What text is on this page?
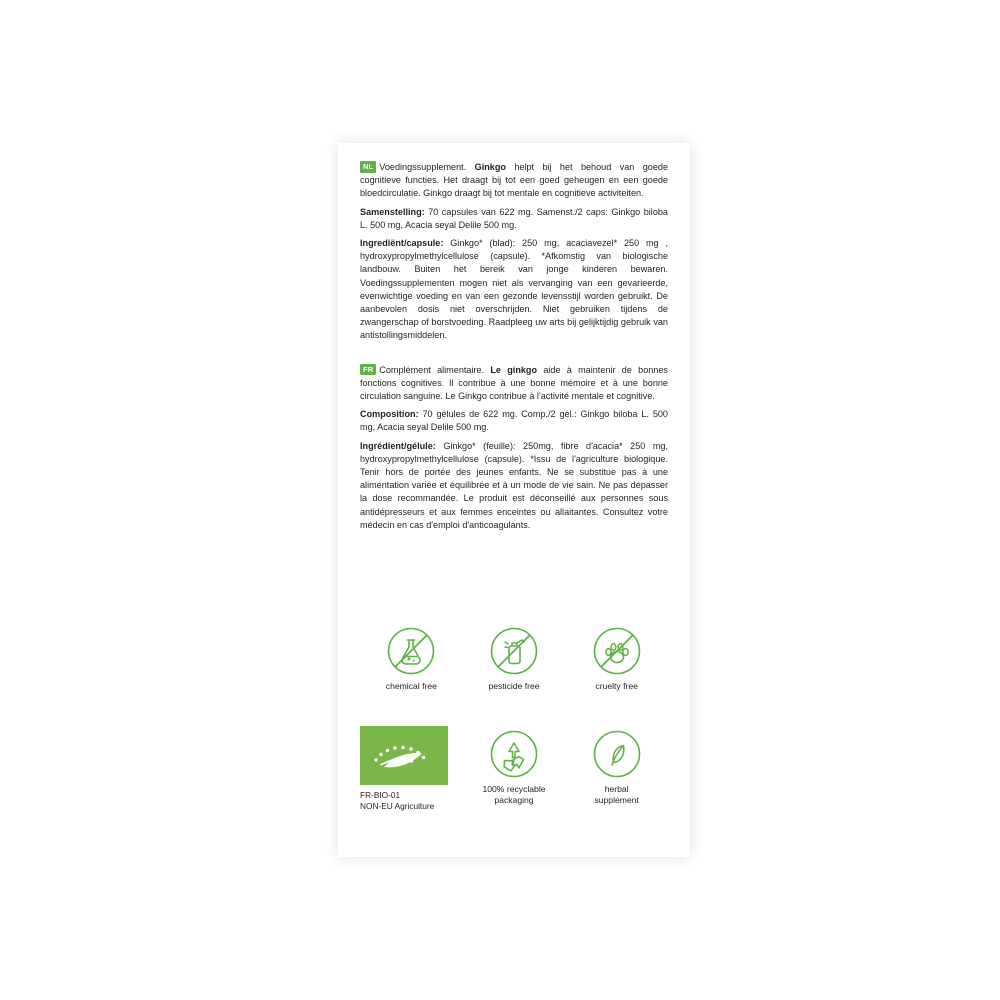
NL Voedingssupplement. Ginkgo helpt bij het behoud van goede cognitieve functies. Het draagt bij tot een goed geheugen en een goede bloedcirculatie. Ginkgo draagt bij tot mentale en cognitieve activiteiten.

Samenstelling: 70 capsules van 622 mg. Samenst./2 caps: Ginkgo biloba L. 500 mg, Acacia seyal Delile 500 mg.

Ingrediënt/capsule: Ginkgo* (blad): 250 mg, acaciavezel* 250 mg , hydroxypropylmethylcellulose (capsule). *Afkomstig van biologische landbouw. Buiten het bereik van jonge kinderen bewaren. Voedingssupplementen mogen niet als vervanging van een gevarieerde, evenwichtige voeding en van een gezonde levensstijl worden gebruikt. De aanbevolen dosis niet overschrijden. Niet gebruiken tijdens de zwangerschap of borstvoeding. Raadpleeg uw arts bij gelijktijdig gebruik van antistollingsmiddelen.

FR Complément alimentaire. Le ginkgo aide à maintenir de bonnes fonctions cognitives. Il contribue à une bonne mémoire et à une bonne circulation sanguine. Le Ginkgo contribue à l'activité mentale et cognitive.

Composition: 70 gélules de 622 mg. Comp./2 gél.: Ginkgo biloba L. 500 mg, Acacia seyal Delile 500 mg.

Ingrédient/gélule: Ginkgo* (feuille): 250mg, fibre d'acacia* 250 mg, hydroxypropylmethylcellulose (capsule). *Issu de l'agriculture biologique. Tenir hors de portée des jeunes enfants. Ne se substitue pas à une alimentation variée et équilibrée et à un mode de vie sain. Ne pas dépasser la dose recommandée. Le produit est déconseillé aux personnes sous antidépresseurs et aux femmes enceintes ou allaitantes. Consultez votre médecin en cas d'emploi d'anticoagulants.

chemical free	pesticide free	cruelty free
FR-BIO-01
NON-EU Agriculture
100% recyclable
packaging
herbal
supplement
